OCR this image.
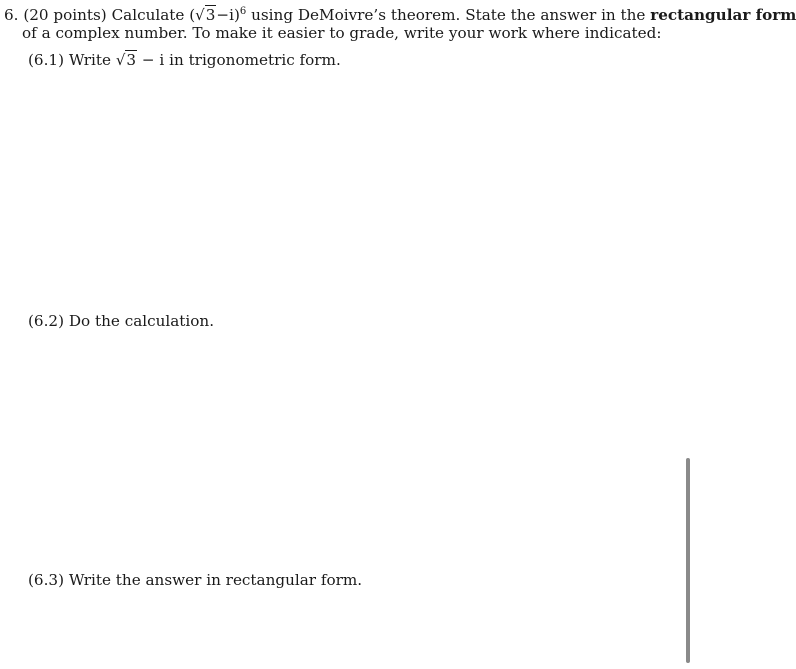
6. (20 points) Calculate $(√3-i)^6$ using DeMoivre’s theorem. State the answer in the rectangular form
of a complex number. To make it easier to grade, write your work where indicated:
(6.1) Write √3 − i in trigonometric form.
(6.2) Do the calculation.
(6.3) Write the answer in rectangular form.
